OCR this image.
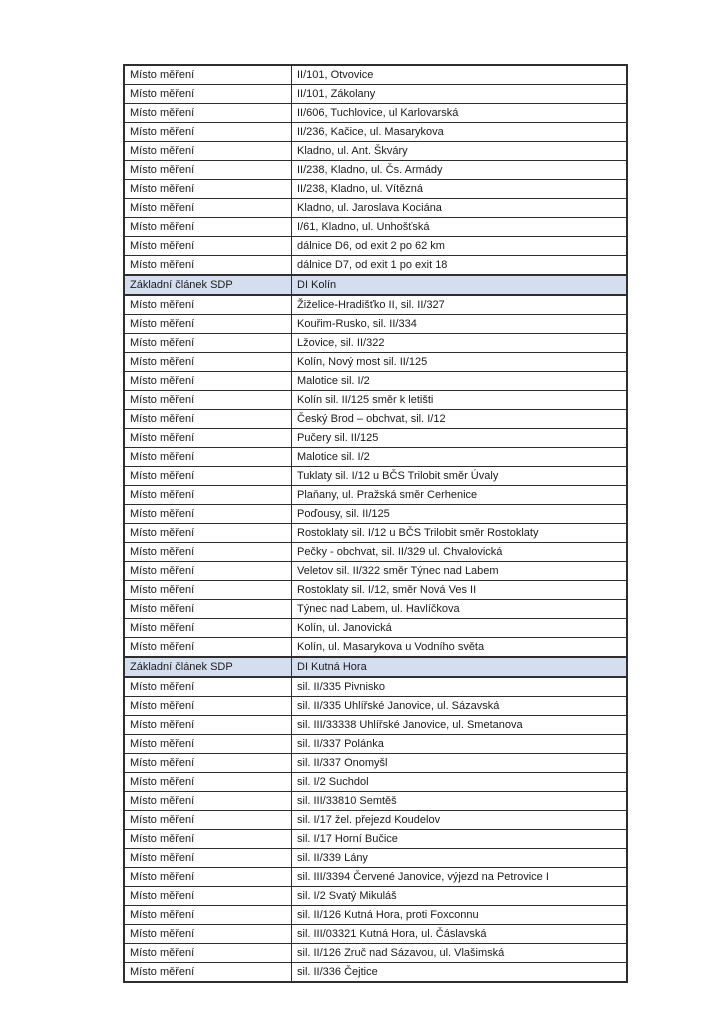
Místo měření	II/101, Otvovice
Místo měření	II/101, Zákolany
Místo měření	II/606, Tuchlovice, ul Karlovarská
Místo měření	II/236, Kačice, ul. Masarykova
Místo měření	Kladno, ul. Ant. Škváry
Místo měření	II/238, Kladno, ul. Čs. Armády
Místo měření	II/238, Kladno, ul. Vítězná
Místo měření	Kladno, ul. Jaroslava Kociána
Místo měření	I/61, Kladno, ul. Unhošťská
Místo měření	dálnice D6, od exit 2 po 62 km
Místo měření	dálnice D7, od exit 1 po exit 18
Základní článek SDP	DI Kolín
Místo měření	Žiželice-Hradišťko II, sil. II/327
Místo měření	Kouřim-Rusko, sil. II/334
Místo měření	Lžovice, sil. II/322
Místo měření	Kolín, Nový most sil. II/125
Místo měření	Malotice sil. I/2
Místo měření	Kolín sil. II/125 směr k letišti
Místo měření	Český Brod – obchvat, sil. I/12
Místo měření	Pučery sil. II/125
Místo měření	Malotice sil. I/2
Místo měření	Tuklaty sil. I/12 u BČS Trilobit směr Úvaly
Místo měření	Plaňany, ul. Pražská směr Cerhenice
Místo měření	Poďousy, sil. II/125
Místo měření	Rostoklaty sil. I/12 u BČS Trilobit směr Rostoklaty
Místo měření	Pečky - obchvat, sil. II/329 ul. Chvalovická
Místo měření	Veletov sil. II/322 směr Týnec nad Labem
Místo měření	Rostoklaty sil. I/12, směr Nová Ves II
Místo měření	Týnec nad Labem, ul. Havlíčkova
Místo měření	Kolín, ul. Janovická
Místo měření	Kolín, ul. Masarykova u Vodního světa
Základní článek SDP	DI Kutná Hora
Místo měření	sil. II/335 Pivnisko
Místo měření	sil. II/335 Uhlířské Janovice, ul. Sázavská
Místo měření	sil. III/33338 Uhlířské Janovice, ul. Smetanova
Místo měření	sil. II/337 Polánka
Místo měření	sil. II/337 Onomyšl
Místo měření	sil. I/2 Suchdol
Místo měření	sil. III/33810 Semtěš
Místo měření	sil. I/17 žel. přejezd Koudelov
Místo měření	sil. I/17 Horní Bučice
Místo měření	sil. II/339 Lány
Místo měření	sil. III/3394 Červené Janovice, výjezd na Petrovice I
Místo měření	sil. I/2 Svatý Mikuláš
Místo měření	sil. II/126 Kutná Hora, proti Foxconnu
Místo měření	sil. III/03321 Kutná Hora, ul. Čáslavská
Místo měření	sil. II/126 Zruč nad Sázavou, ul. Vlašimská
Místo měření	sil. II/336 Čejtice
